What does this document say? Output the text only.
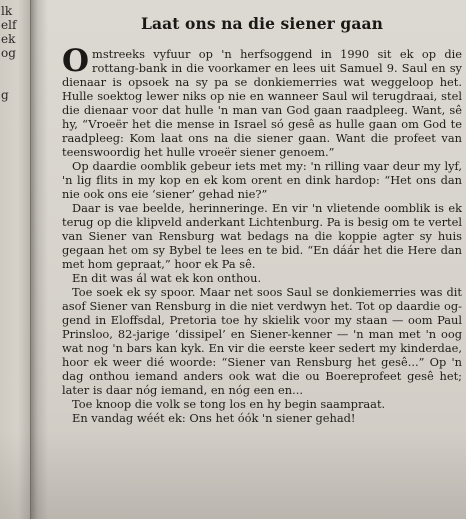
lk
elf
ek
og
g
Laat ons na die siener gaan

Omstreeks vyfuur op 'n herfsoggend in 1990 sit ek op die rottang-bank in die voorkamer en lees uit Samuel 9. Saul en sy dienaar is opsoek na sy pa se donkiemerries wat weggeloop het. Hulle soektog lewer niks op nie en wanneer Saul wil terugdraai, stel die dienaar voor dat hulle 'n man van God gaan raadpleeg. Want, sê hy, “Vroeër het die mense in Israel só gesê as hulle gaan om God te raadpleeg: Kom laat ons na die siener gaan. Want die profeet van teenswoordig het hulle vroeër siener genoem.”

Op daardie oomblik gebeur iets met my: 'n rilling vaar deur my lyf, 'n lig flits in my kop en ek kom orent en dink hardop: “Het ons dan nie ook ons eie ‘siener’ gehad nie?”

Daar is vae beelde, herinneringe. En vir 'n vlietende oomblik is ek terug op die klipveld anderkant Lichtenburg. Pa is besig om te vertel van Siener van Rensburg wat bedags na die koppie agter sy huis gegaan het om sy Bybel te lees en te bid. “En dáár het die Here dan met hom gepraat,” hoor ek Pa sê.

En dit was ál wat ek kon onthou.

Toe soek ek sy spoor. Maar net soos Saul se donkiemerries was dit asof Siener van Rensburg in die niet verdwyn het. Tot op daardie og-gend in Eloffsdal, Pretoria toe hy skielik voor my staan — oom Paul Prinsloo, 82-jarige ‘dissipel’ en Siener-kenner — 'n man met 'n oog wat nog 'n bars kan kyk. En vir die eerste keer sedert my kinderdae, hoor ek weer dié woorde: “Siener van Rensburg het gesê...” Op 'n dag onthou iemand anders ook wat die ou Boereprofeet gesê het; later is daar nóg iemand, en nóg een en...

Toe knoop die volk se tong los en hy begin saampraat.

En vandag wéét ek: Ons het óók 'n siener gehad!
